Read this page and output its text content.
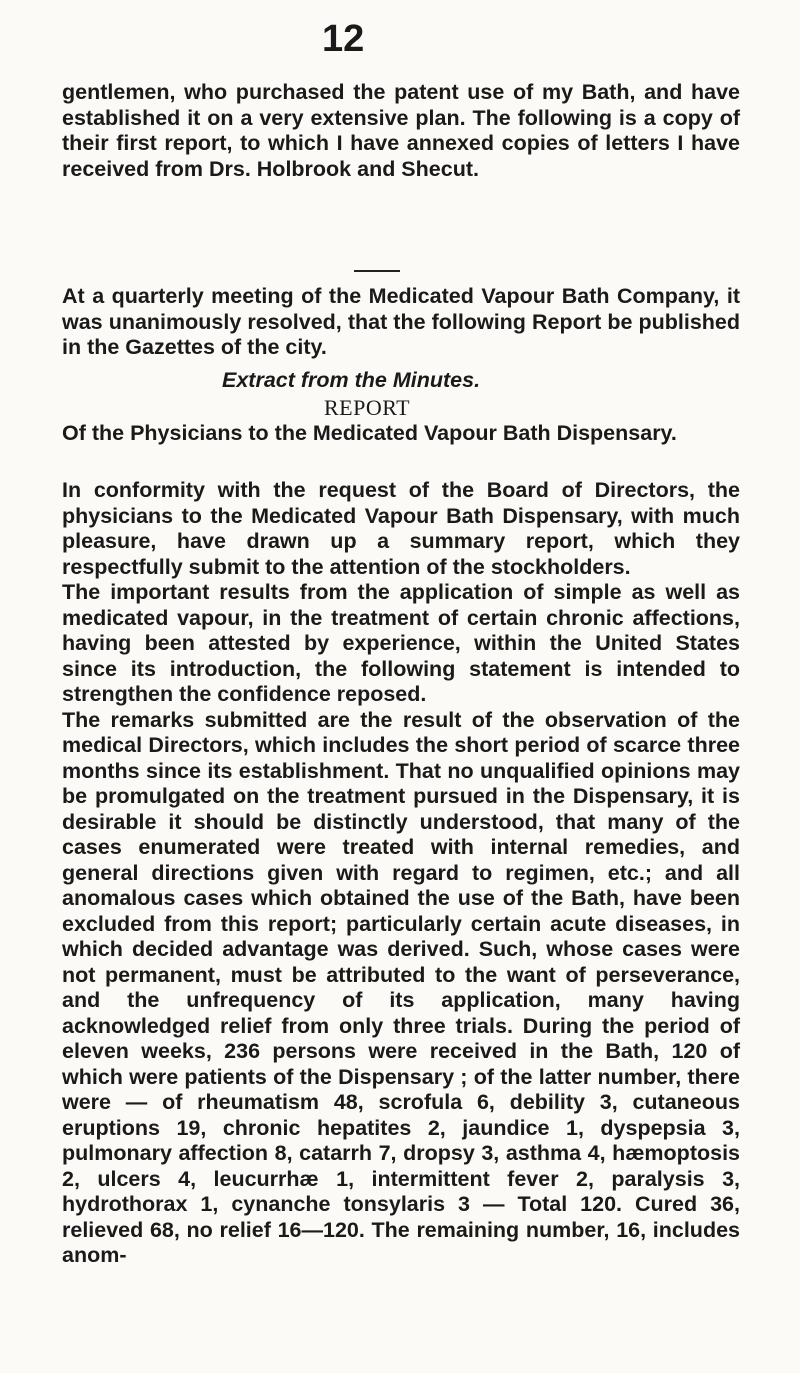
12
gentlemen, who purchased the patent use of my Bath, and have established it on a very extensive plan. The following is a copy of their first report, to which I have annexed copies of letters I have received from Drs. Holbrook and Shecut.
At a quarterly meeting of the Medicated Vapour Bath Company, it was unanimously resolved, that the following Report be published in the Gazettes of the city.
Extract from the Minutes.
REPORT
Of the Physicians to the Medicated Vapour Bath Dispensary.
In conformity with the request of the Board of Directors, the physicians to the Medicated Vapour Bath Dispensary, with much pleasure, have drawn up a summary report, which they respectfully submit to the attention of the stockholders.
The important results from the application of simple as well as medicated vapour, in the treatment of certain chronic affections, having been attested by experience, within the United States since its introduction, the following statement is intended to strengthen the confidence reposed.
The remarks submitted are the result of the observation of the medical Directors, which includes the short period of scarce three months since its establishment. That no unqualified opinions may be promulgated on the treatment pursued in the Dispensary, it is desirable it should be distinctly understood, that many of the cases enumerated were treated with internal remedies, and general directions given with regard to regimen, etc.; and all anomalous cases which obtained the use of the Bath, have been excluded from this report; particularly certain acute diseases, in which decided advantage was derived. Such, whose cases were not permanent, must be attributed to the want of perseverance, and the unfrequency of its application, many having acknowledged relief from only three trials. During the period of eleven weeks, 236 persons were received in the Bath, 120 of which were patients of the Dispensary ; of the latter number, there were — of rheumatism 48, scrofula 6, debility 3, cutaneous eruptions 19, chronic hepatites 2, jaundice 1, dyspepsia 3, pulmonary affection 8, catarrh 7, dropsy 3, asthma 4, hæmoptosis 2, ulcers 4, leucurrhæ 1, intermittent fever 2, paralysis 3, hydrothorax 1, cynanche tonsylaris 3 — Total 120. Cured 36, relieved 68, no relief 16—120. The remaining number, 16, includes anom-
